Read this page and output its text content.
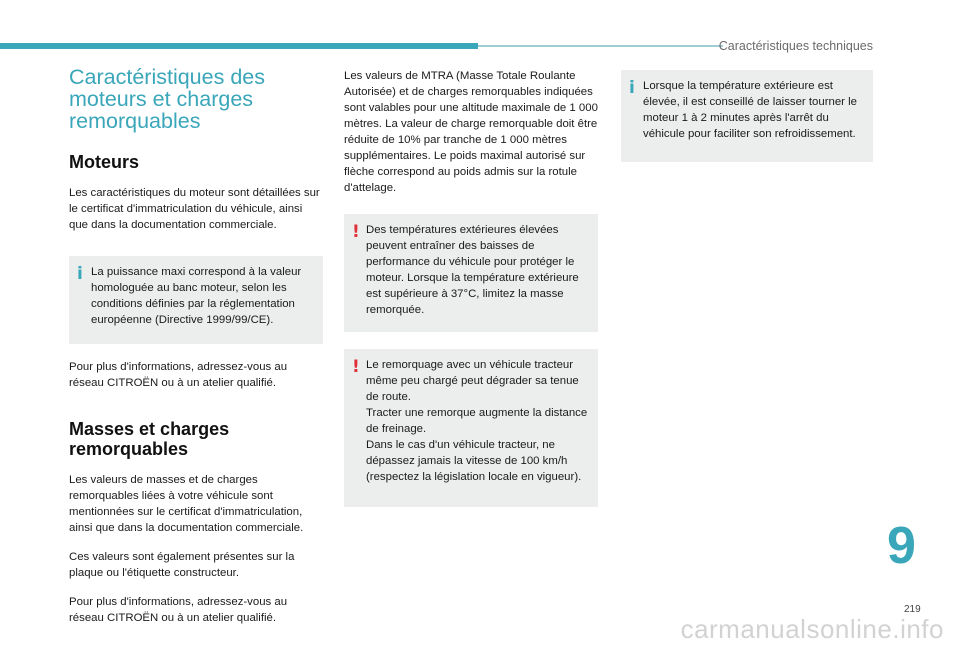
Caractéristiques techniques
Caractéristiques des
moteurs et charges
remorquables
Moteurs

Les caractéristiques du moteur sont détaillées sur le certificat d'immatriculation du véhicule, ainsi que dans la documentation commerciale.

i La puissance maxi correspond à la valeur homologuée au banc moteur, selon les conditions définies par la réglementation européenne (Directive 1999/99/CE).

Pour plus d'informations, adressez-vous au réseau CITROËN ou à un atelier qualifié.

Masses et charges
remorquables

Les valeurs de masses et de charges remorquables liées à votre véhicule sont mentionnées sur le certificat d'immatriculation, ainsi que dans la documentation commerciale.

Ces valeurs sont également présentes sur la plaque ou l'étiquette constructeur.

Pour plus d'informations, adressez-vous au réseau CITROËN ou à un atelier qualifié.

Les valeurs de MTRA (Masse Totale Roulante Autorisée) et de charges remorquables indiquées sont valables pour une altitude maximale de 1 000 mètres. La valeur de charge remorquable doit être réduite de 10% par tranche de 1 000 mètres supplémentaires. Le poids maximal autorisé sur flèche correspond au poids admis sur la rotule d'attelage.

! Des températures extérieures élevées peuvent entraîner des baisses de performance du véhicule pour protéger le moteur. Lorsque la température extérieure est supérieure à 37°C, limitez la masse remorquée.
! Le remorquage avec un véhicule tracteur même peu chargé peut dégrader sa tenue de route.
Tracter une remorque augmente la distance de freinage.
Dans le cas d'un véhicule tracteur, ne dépassez jamais la vitesse de 100 km/h (respectez la législation locale en vigueur).
i Lorsque la température extérieure est élevée, il est conseillé de laisser tourner le moteur 1 à 2 minutes après l'arrêt du véhicule pour faciliter son refroidissement.
9
219
carmanualsonline.info
